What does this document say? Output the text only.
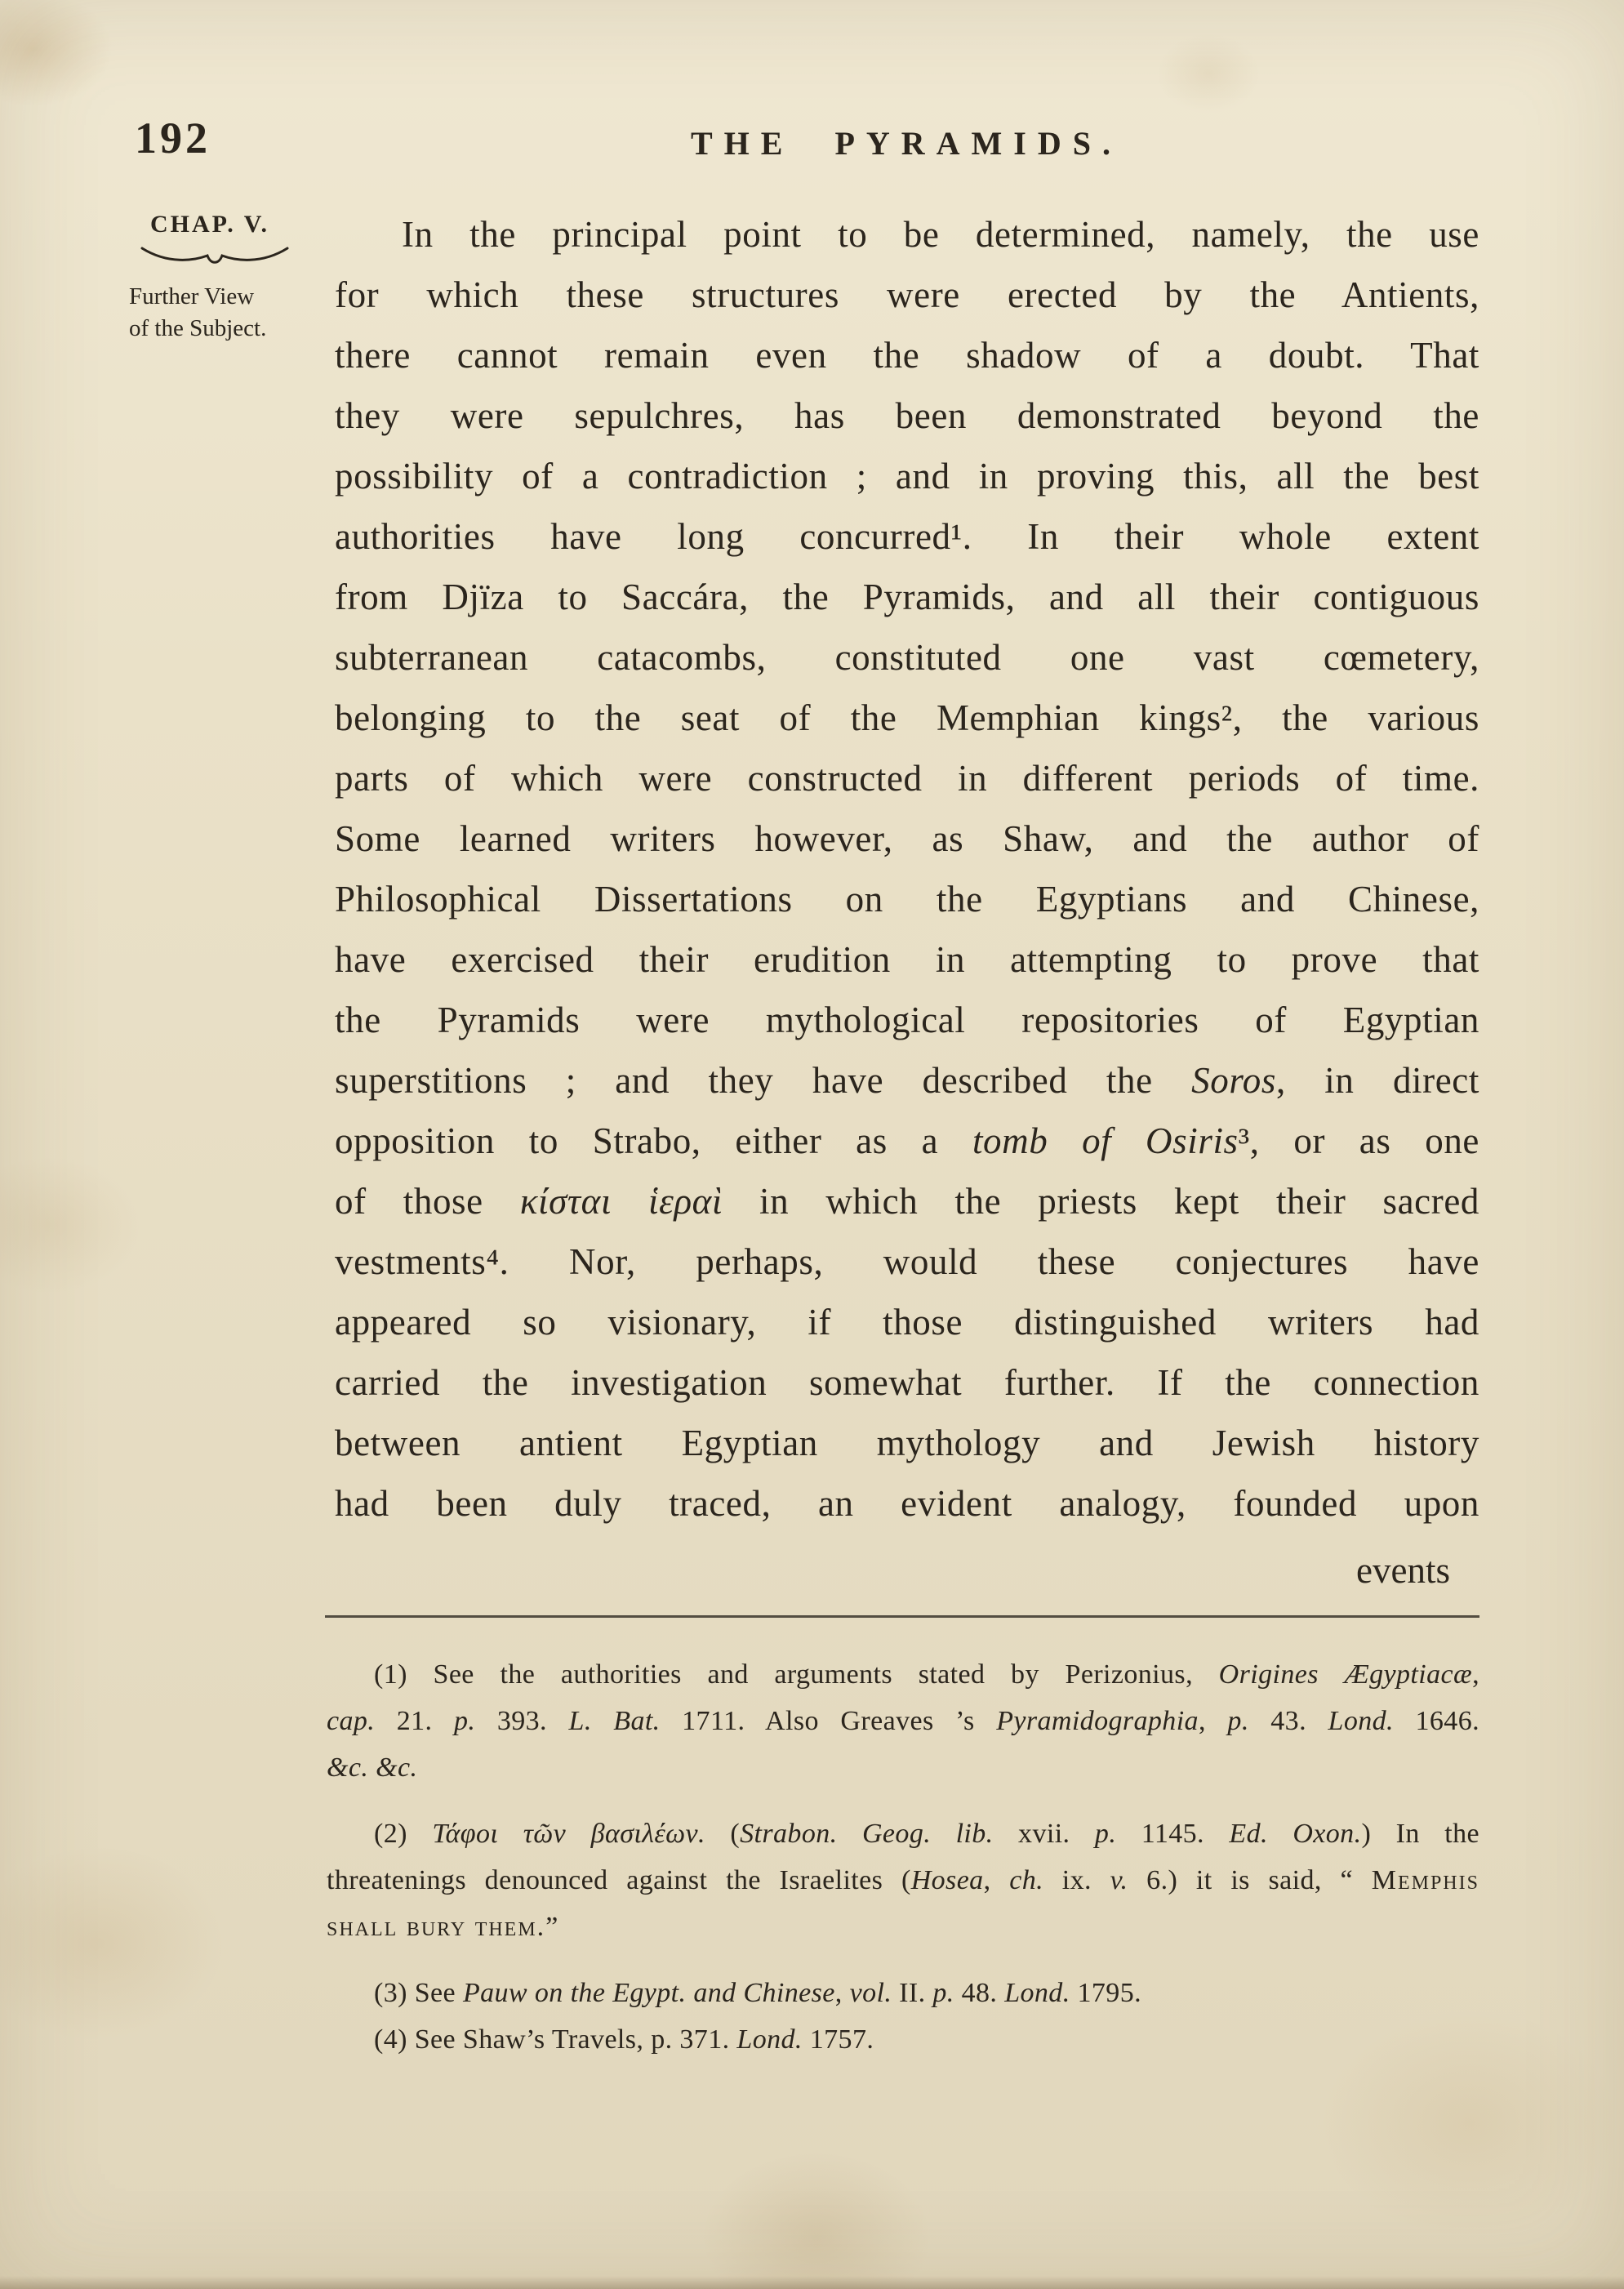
192	THE PYRAMIDS.
CHAP. V.
Further View
of the Subject.
In the principal point to be determined, namely, the use
for which these structures were erected by the Antients,
there cannot remain even the shadow of a doubt. That
they were sepulchres, has been demonstrated beyond the
possibility of a contradiction ; and in proving this, all the best
authorities have long concurred¹. In their whole extent
from Djïza to Saccára, the Pyramids, and all their contiguous
subterranean catacombs, constituted one vast cœmetery,
belonging to the seat of the Memphian kings², the various
parts of which were constructed in different periods of time.
Some learned writers however, as Shaw, and the author of
Philosophical Dissertations on the Egyptians and Chinese,
have exercised their erudition in attempting to prove that
the Pyramids were mythological repositories of Egyptian
superstitions ; and they have described the Soros, in direct
opposition to Strabo, either as a tomb of Osiris³, or as one
of those κίσται ἱεραὶ in which the priests kept their sacred
vestments⁴. Nor, perhaps, would these conjectures have
appeared so visionary, if those distinguished writers had
carried the investigation somewhat further. If the connection
between antient Egyptian mythology and Jewish history
had been duly traced, an evident analogy, founded upon
events
(1) See the authorities and arguments stated by Perizonius, Origines Ægyptiacæ,
cap. 21. p. 393. L. Bat. 1711. Also Greaves ’s Pyramidographia, p. 43. Lond. 1646.
&c. &c.
(2) Τάφοι τῶν βασιλέων. (Strabon. Geog. lib. xvii. p. 1145. Ed. Oxon.) In the
threatenings denounced against the Israelites (Hosea, ch. ix. v. 6.) it is said, “ Memphis
shall bury them.”
(3) See Pauw on the Egypt. and Chinese, vol. II. p. 48. Lond. 1795.
(4) See Shaw’s Travels, p. 371. Lond. 1757.
